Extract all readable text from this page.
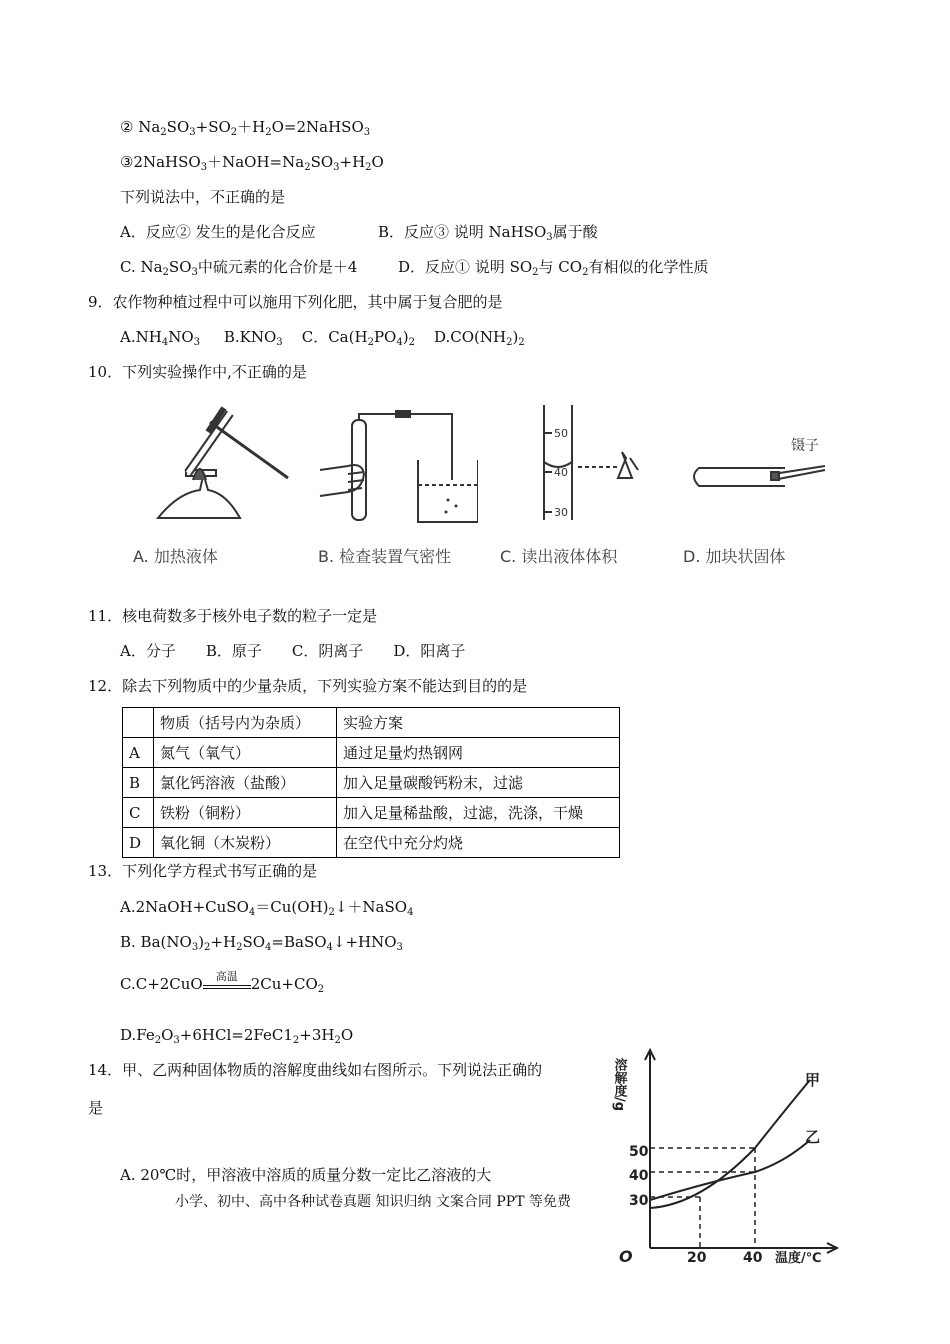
② $Na_2SO_3+SO_2+H_2O=2NaHSO_3$
$③2NaHSO_3+NaOH=Na_2SO_3+H_2O$
下列说法中，不正确的是
A．反应② 发生的是化合反应	B．反应③ 说明 NaHSO$_3$属于酸
C. $Na_2SO_3$中硫元素的化合价是＋4	D．反应① 说明 $SO_2$与 $CO_2$有相似的化学性质
9．农作物种植过程中可以施用下列化肥，其中属于复合肥的是
$A.NH_4NO_3$ $B.KNO_3$ C．$Ca(H_2PO_4)_2$ $D.CO(NH_2)_2$
10．下列实验操作中,不正确的是
A. 加热液体	B. 检查装置气密性
50
40
30
C. 读出液体体积
镊子
D. 加块状固体
11．核电荷数多于核外电子数的粒子一定是
A．分子　　B．原子　　C．阴离子　　D．阳离子
12．除去下列物质中的少量杂质，下列实验方案不能达到目的的是
	物质（括号内为杂质）	实验方案
A	氮气（氧气）	通过足量灼热钢网
B	氯化钙溶液（盐酸）	加入足量碳酸钙粉末，过滤
C	铁粉（铜粉）	加入足量稀盐酸，过滤，洗涤，干燥
D	氧化铜（木炭粉）	在空代中充分灼烧
13．下列化学方程式书写正确的是
$A.2NaOH+CuSO_4=Cu(OH)_2↓+NaSO_4$
B. $Ba(NO_3)_2+H_2SO_4=BaSO_4↓+HNO_3$
C.C+2CuO	高温 $2Cu+CO_2$
$D.Fe_2O_3+6HCl=2FeC1_2+3H_2O$
14．甲、乙两种固体物质的溶解度曲线如右图所示。下列说法正确的
是
A. 20℃时，甲溶液中溶质的质量分数一定比乙溶液的大
小学、初中、高中各种试卷真题 知识归纳 文案合同 PPT 等免费
溶解度/g
O
50
40
30
20	40 温度/℃
甲
乙
